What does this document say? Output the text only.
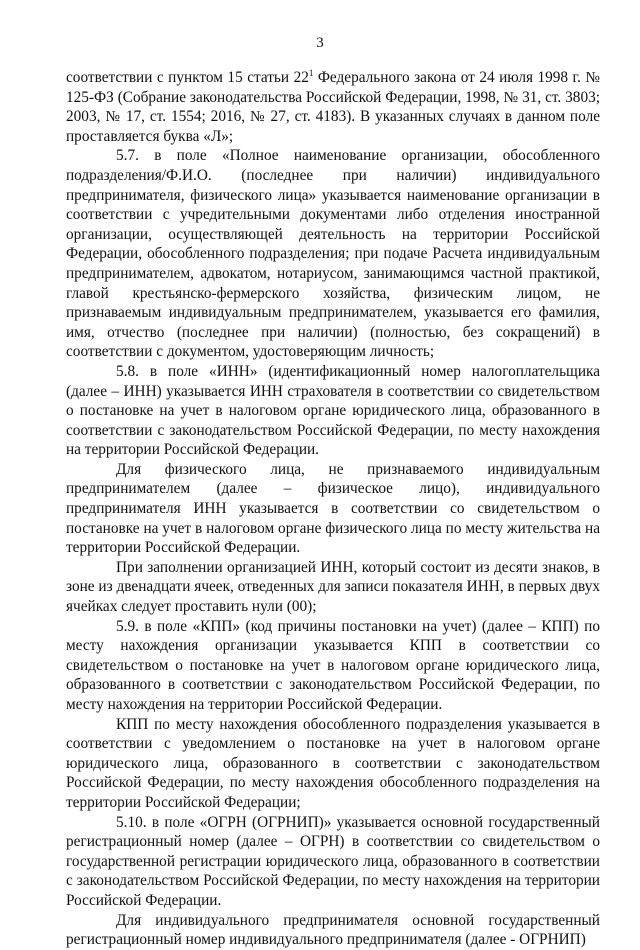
3

соответствии с пунктом 15 статьи $22^1$ Федерального закона от 24 июля 1998 г. № 125-ФЗ (Собрание законодательства Российской Федерации, 1998, № 31, ст. 3803; 2003, № 17, ст. 1554; 2016, № 27, ст. 4183). В указанных случаях в данном поле проставляется буква «Л»;

5.7. в поле «Полное наименование организации, обособленного подразделения/Ф.И.О. (последнее при наличии) индивидуального предпринимателя, физического лица» указывается наименование организации в соответствии с учредительными документами либо отделения иностранной организации, осуществляющей деятельность на территории Российской Федерации, обособленного подразделения; при подаче Расчета индивидуальным предпринимателем, адвокатом, нотариусом, занимающимся частной практикой, главой крестьянско-фермерского хозяйства, физическим лицом, не признаваемым индивидуальным предпринимателем, указывается его фамилия, имя, отчество (последнее при наличии) (полностью, без сокращений) в соответствии с документом, удостоверяющим личность;

5.8. в поле «ИНН» (идентификационный номер налогоплательщика (далее – ИНН) указывается ИНН страхователя в соответствии со свидетельством о постановке на учет в налоговом органе юридического лица, образованного в соответствии с законодательством Российской Федерации, по месту нахождения на территории Российской Федерации.

Для физического лица, не признаваемого индивидуальным предпринимателем (далее – физическое лицо), индивидуального предпринимателя ИНН указывается в соответствии со свидетельством о постановке на учет в налоговом органе физического лица по месту жительства на территории Российской Федерации.

При заполнении организацией ИНН, который состоит из десяти знаков, в зоне из двенадцати ячеек, отведенных для записи показателя ИНН, в первых двух ячейках следует проставить нули (00);

5.9. в поле «КПП» (код причины постановки на учет) (далее – КПП) по месту нахождения организации указывается КПП в соответствии со свидетельством о постановке на учет в налоговом органе юридического лица, образованного в соответствии с законодательством Российской Федерации, по месту нахождения на территории Российской Федерации.

КПП по месту нахождения обособленного подразделения указывается в соответствии с уведомлением о постановке на учет в налоговом органе юридического лица, образованного в соответствии с законодательством Российской Федерации, по месту нахождения обособленного подразделения на территории Российской Федерации;

5.10. в поле «ОГРН (ОГРНИП)» указывается основной государственный регистрационный номер (далее – ОГРН) в соответствии со свидетельством о государственной регистрации юридического лица, образованного в соответствии с законодательством Российской Федерации, по месту нахождения на территории Российской Федерации.

Для индивидуального предпринимателя основной государственный регистрационный номер индивидуального предпринимателя (далее - ОГРНИП)
